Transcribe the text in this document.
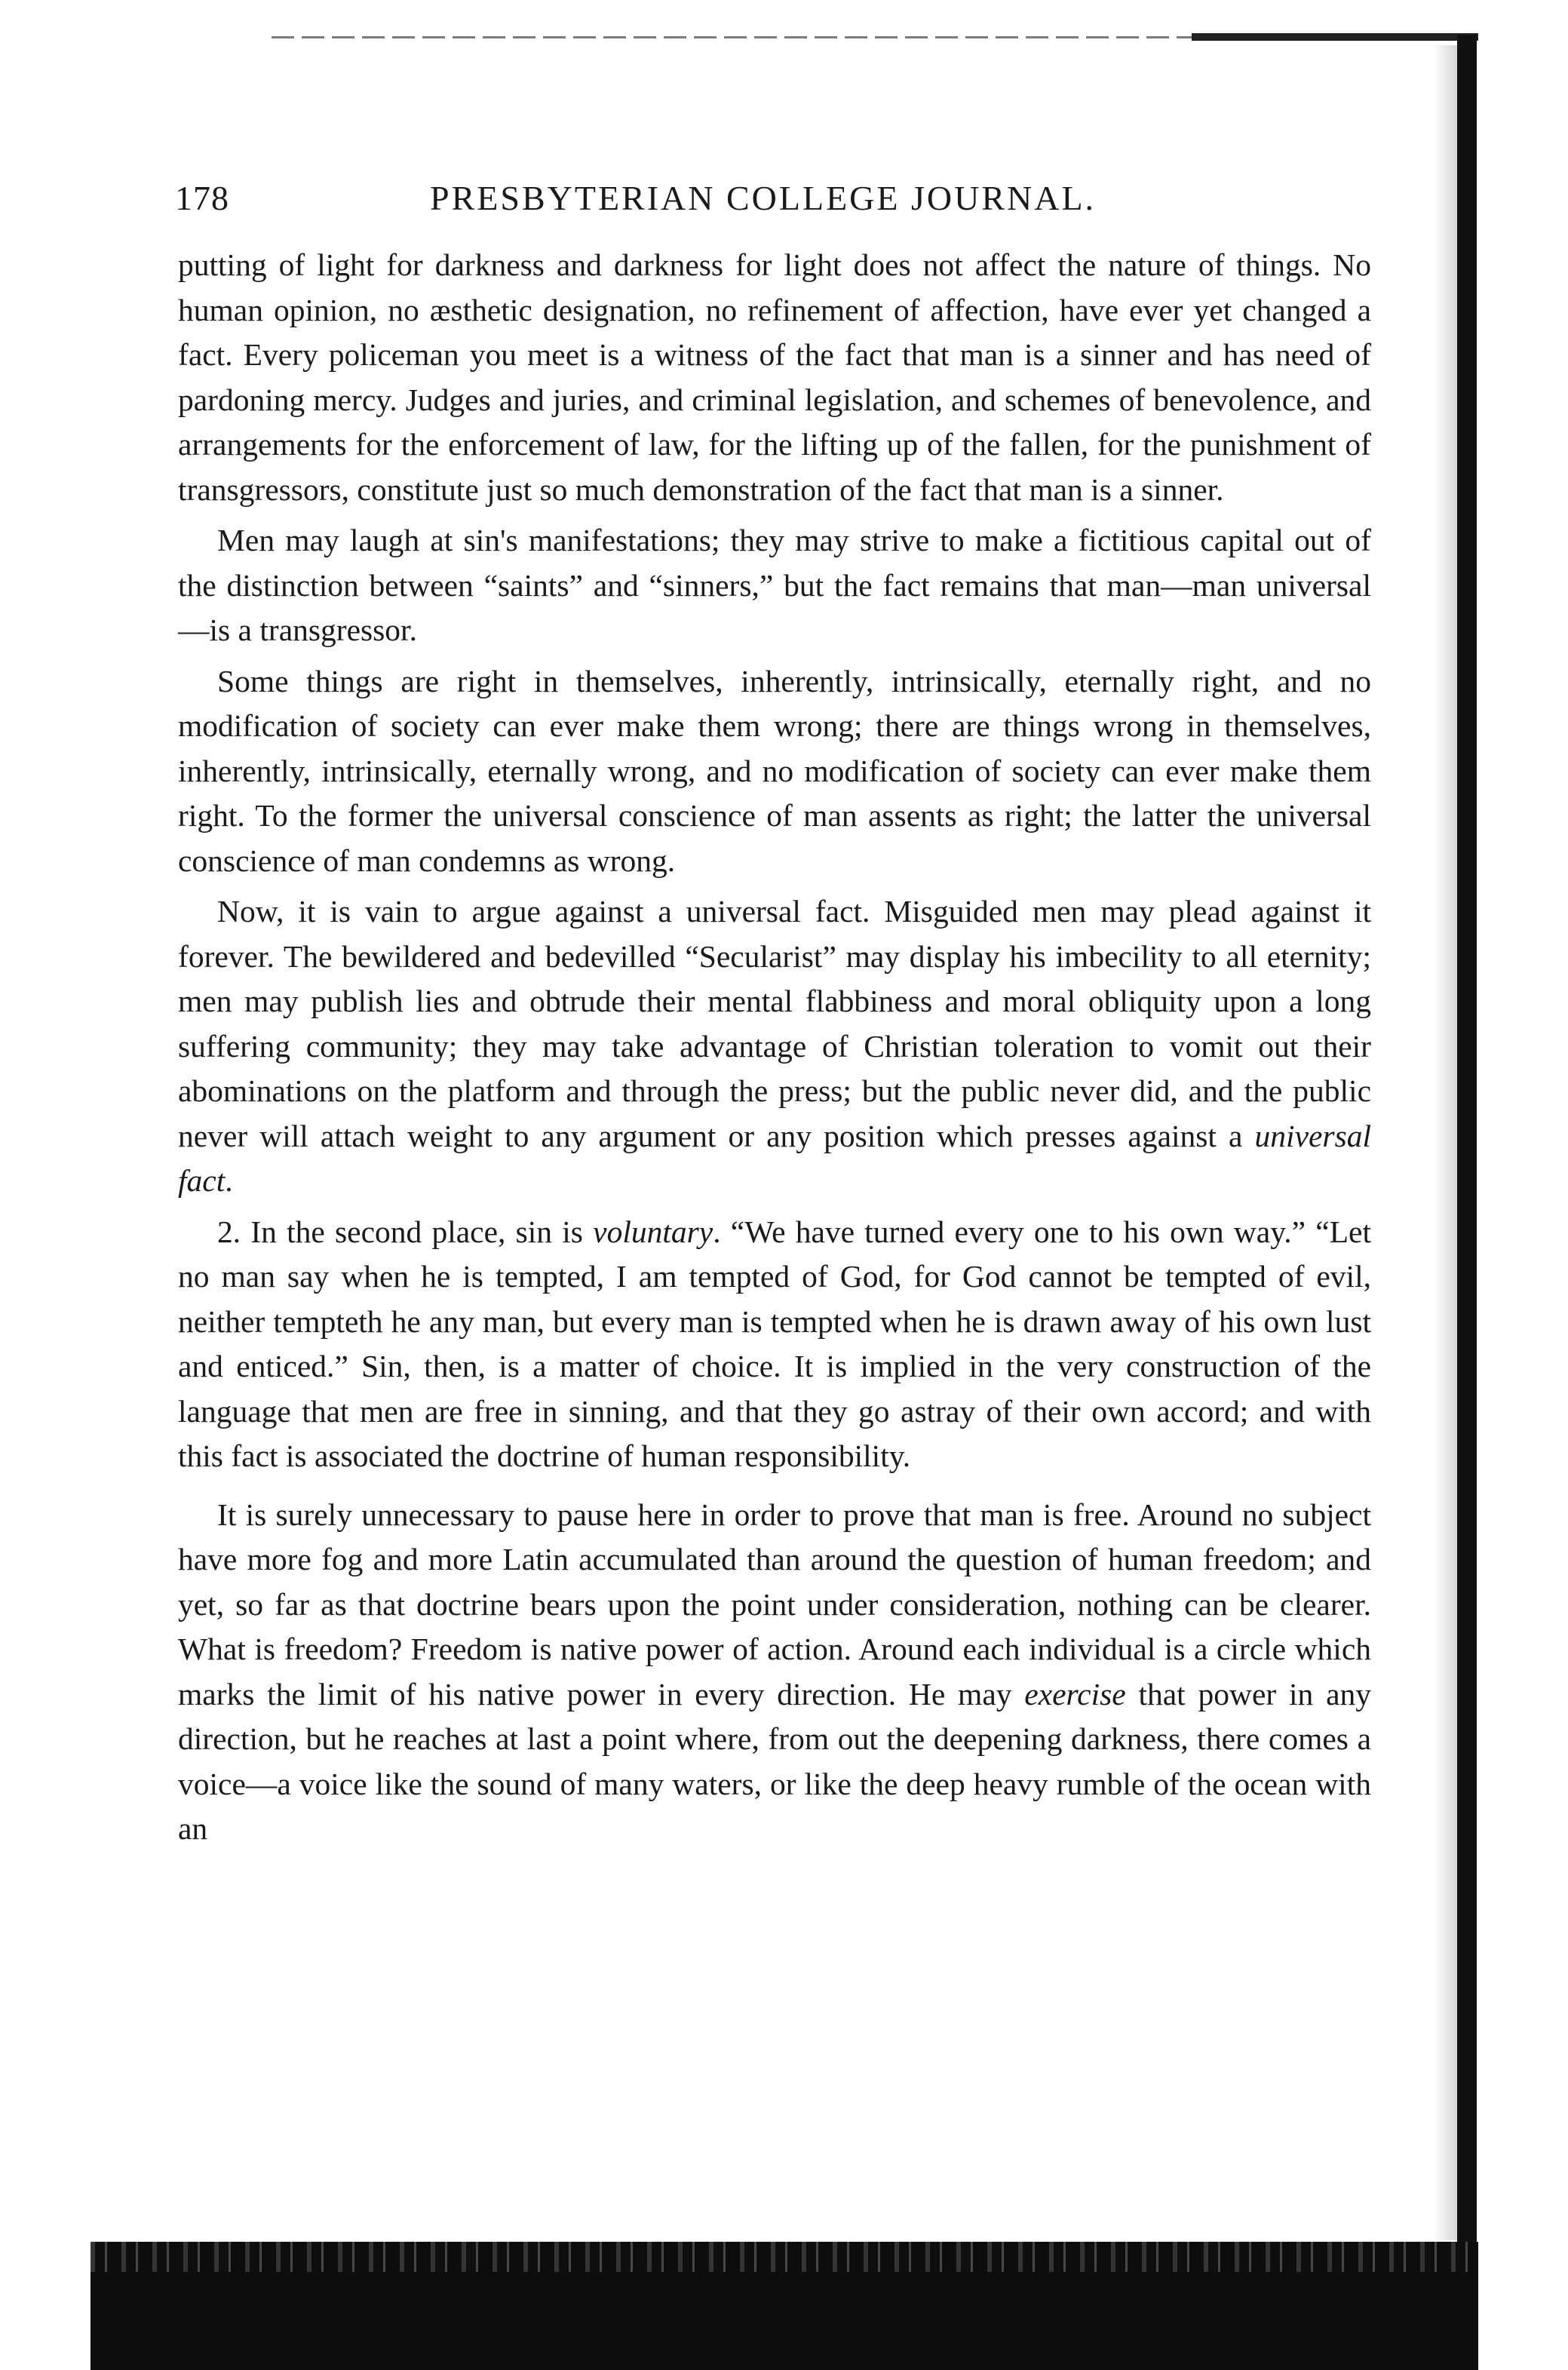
178	PRESBYTERIAN COLLEGE JOURNAL.

putting of light for darkness and darkness for light does not affect the nature of things. No human opinion, no æsthetic designation, no refinement of affection, have ever yet changed a fact. Every policeman you meet is a witness of the fact that man is a sinner and has need of pardoning mercy. Judges and juries, and criminal legislation, and schemes of benevolence, and arrangements for the enforcement of law, for the lifting up of the fallen, for the punishment of transgressors, constitute just so much demonstration of the fact that man is a sinner.

Men may laugh at sin's manifestations; they may strive to make a fictitious capital out of the distinction between “saints” and “sinners,” but the fact remains that man—man universal—is a transgressor.

Some things are right in themselves, inherently, intrinsically, eternally right, and no modification of society can ever make them wrong; there are things wrong in themselves, inherently, intrinsically, eternally wrong, and no modification of society can ever make them right. To the former the universal conscience of man assents as right; the latter the universal conscience of man condemns as wrong.

Now, it is vain to argue against a universal fact. Misguided men may plead against it forever. The bewildered and bedevilled “Secularist” may display his imbecility to all eternity; men may publish lies and obtrude their mental flabbiness and moral obliquity upon a long suffering community; they may take advantage of Christian toleration to vomit out their abominations on the platform and through the press; but the public never did, and the public never will attach weight to any argument or any position which presses against a universal fact.

2. In the second place, sin is voluntary. “We have turned every one to his own way.” “Let no man say when he is tempted, I am tempted of God, for God cannot be tempted of evil, neither tempteth he any man, but every man is tempted when he is drawn away of his own lust and enticed.” Sin, then, is a matter of choice. It is implied in the very construction of the language that men are free in sinning, and that they go astray of their own accord; and with this fact is associated the doctrine of human responsibility.

It is surely unnecessary to pause here in order to prove that man is free. Around no subject have more fog and more Latin accumulated than around the question of human freedom; and yet, so far as that doctrine bears upon the point under consideration, nothing can be clearer. What is freedom? Freedom is native power of action. Around each individual is a circle which marks the limit of his native power in every direction. He may exercise that power in any direction, but he reaches at last a point where, from out the deepening darkness, there comes a voice—a voice like the sound of many waters, or like the deep heavy rumble of the ocean with an
